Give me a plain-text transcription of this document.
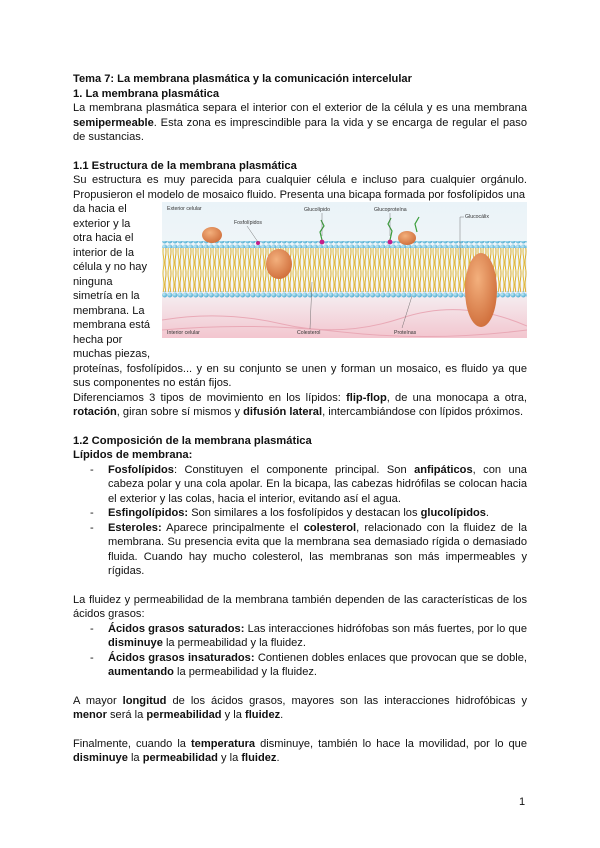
Tema 7: La membrana plasmática y la comunicación intercelular

1. La membrana plasmática

La membrana plasmática separa el interior con el exterior de la célula y es una membrana semipermeable. Esta zona es imprescindible para la vida y se encarga de regular el paso de sustancias.

1.1 Estructura de la membrana plasmática

Su estructura es muy parecida para cualquier célula e incluso para cualquier orgánulo. Propusieron el modelo de mosaico fluido. Presenta una bicapa formada por fosfolípidos una

da hacia el

exterior y la

otra hacia el

interior de la

célula y no hay

ninguna

simetría en la

membrana. La

membrana está

hecha por

muchas piezas,

Exterior celular
Fosfolípidos
Glucolípido	Glucoproteína
Glucocálix
Interior celular	Colesterol	Proteínas

proteínas, fosfolípidos... y en su conjunto se unen y forman un mosaico, es fluido ya que sus componentes no están fijos.

Diferenciamos 3 tipos de movimiento en los lípidos: flip-flop, de una monocapa a otra, rotación, giran sobre sí mismos y difusión lateral, intercambiándose con lípidos próximos.

1.2 Composición de la membrana plasmática
Lípidos de membrana:
- Fosfolípidos: Constituyen el componente principal. Son anfipáticos, con una cabeza polar y una cola apolar. En la bicapa, las cabezas hidrófilas se colocan hacia el exterior y las colas, hacia el interior, evitando así el agua.
- Esfingolípidos: Son similares a los fosfolípidos y destacan los glucolípidos.
- Esteroles: Aparece principalmente el colesterol, relacionado con la fluidez de la membrana. Su presencia evita que la membrana sea demasiado rígida o demasiado fluida. Cuando hay mucho colesterol, las membranas son más impermeables y rígidas.

La fluidez y permeabilidad de la membrana también dependen de las características de los ácidos grasos:

- Ácidos grasos saturados: Las interacciones hidrófobas son más fuertes, por lo que disminuye la permeabilidad y la fluidez.
- Ácidos grasos insaturados: Contienen dobles enlaces que provocan que se doble, aumentando la permeabilidad y la fluidez.

A mayor longitud de los ácidos grasos, mayores son las interacciones hidrofóbicas y menor será la permeabilidad y la fluidez.

Finalmente, cuando la temperatura disminuye, también lo hace la movilidad, por lo que disminuye la permeabilidad y la fluidez.

1
